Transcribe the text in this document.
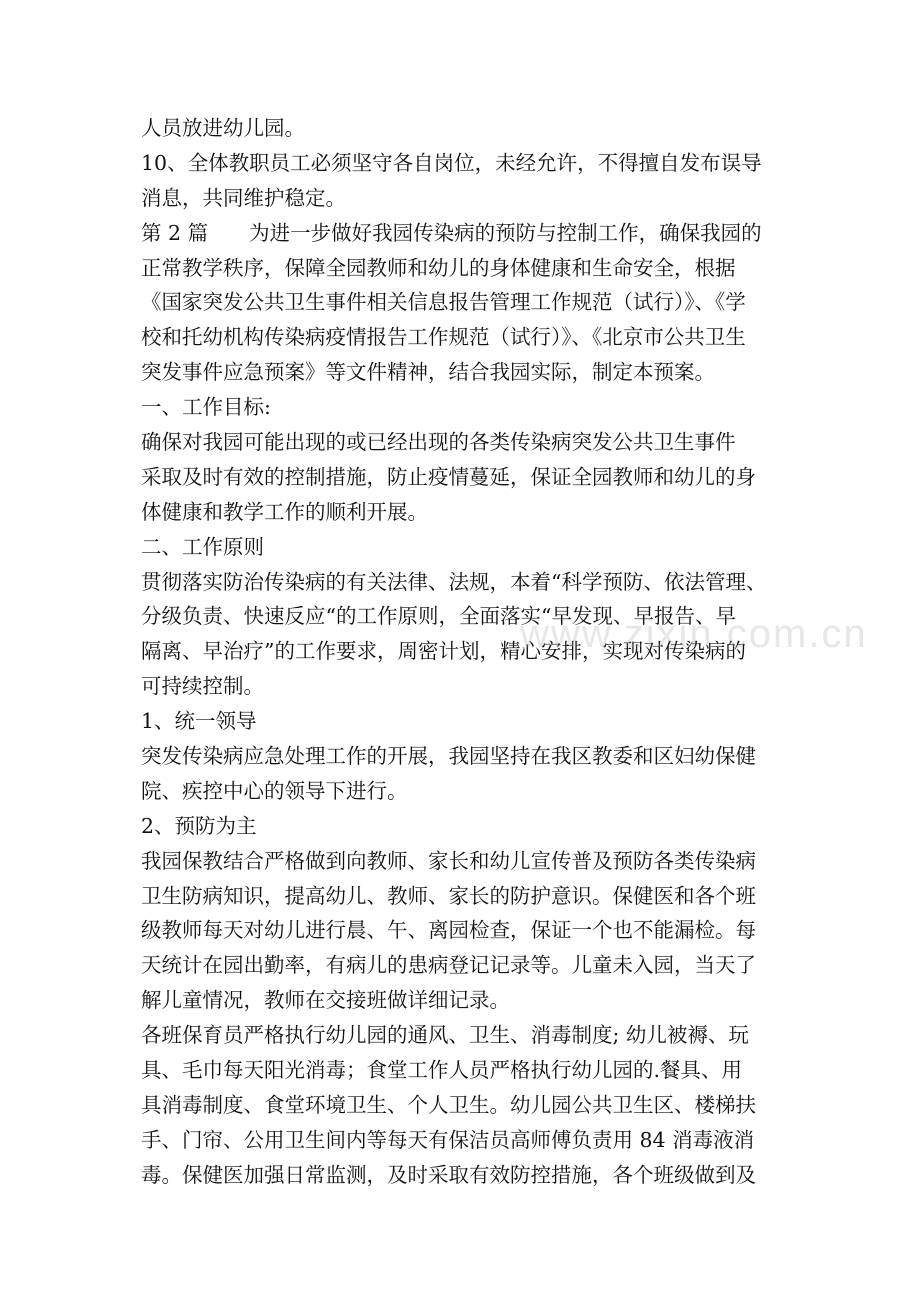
人员放进幼儿园。
10、全体教职员工必须坚守各自岗位，未经允许，不得擅自发布误导
消息，共同维护稳定。
第 2 篇　　为进一步做好我园传染病的预防与控制工作，确保我园的
正常教学秩序，保障全园教师和幼儿的身体健康和生命安全，根据
《国家突发公共卫生事件相关信息报告管理工作规范（试行）》、《学
校和托幼机构传染病疫情报告工作规范（试行）》、《北京市公共卫生
突发事件应急预案》等文件精神，结合我园实际，制定本预案。
一、工作目标:
确保对我园可能出现的或已经出现的各类传染病突发公共卫生事件
采取及时有效的控制措施，防止疫情蔓延，保证全园教师和幼儿的身
体健康和教学工作的顺利开展。
二、工作原则
贯彻落实防治传染病的有关法律、法规，本着“科学预防、依法管理、
分级负责、快速反应“的工作原则，全面落实“早发现、早报告、早
隔离、早治疗”的工作要求，周密计划，精心安排，实现对传染病的
可持续控制。
1、统一领导
突发传染病应急处理工作的开展，我园坚持在我区教委和区妇幼保健
院、疾控中心的领导下进行。
2、预防为主
我园保教结合严格做到向教师、家长和幼儿宣传普及预防各类传染病
卫生防病知识，提高幼儿、教师、家长的防护意识。保健医和各个班
级教师每天对幼儿进行晨、午、离园检查，保证一个也不能漏检。每
天统计在园出勤率，有病儿的患病登记记录等。儿童未入园，当天了
解儿童情况，教师在交接班做详细记录。
各班保育员严格执行幼儿园的通风、卫生、消毒制度; 幼儿被褥、玩
具、毛巾每天阳光消毒；食堂工作人员严格执行幼儿园的.餐具、用
具消毒制度、食堂环境卫生、个人卫生。幼儿园公共卫生区、楼梯扶
手、门帘、公用卫生间内等每天有保洁员高师傅负责用 84 消毒液消
毒。保健医加强日常监测，及时采取有效防控措施，各个班级做到及
www.zixin.com.cn
